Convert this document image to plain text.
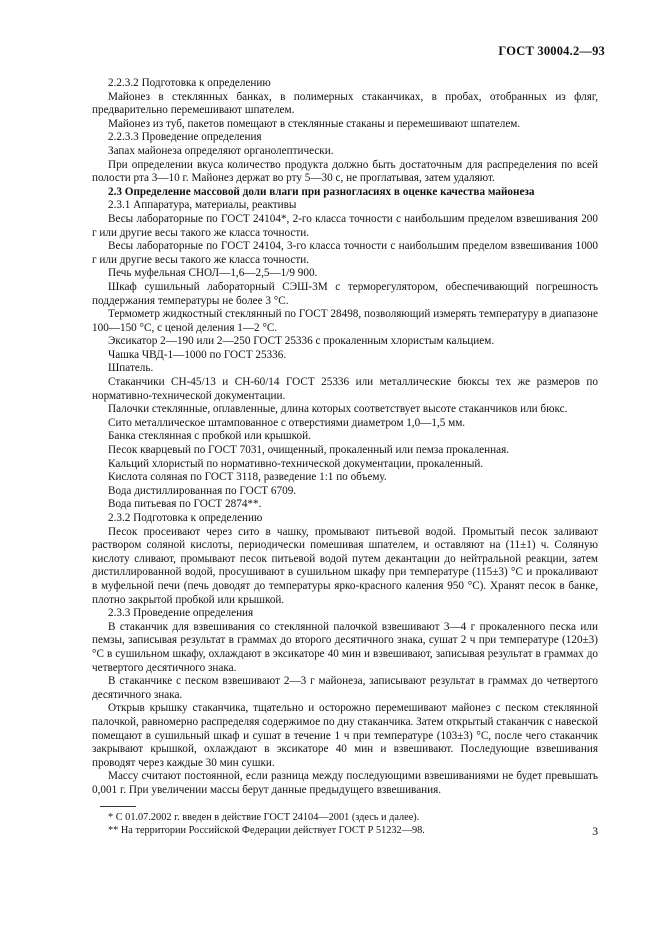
ГОСТ 30004.2—93

2.2.3.2 Подготовка к определению

Майонез в стеклянных банках, в полимерных стаканчиках, в пробах, отобранных из фляг, предварительно перемешивают шпателем.

Майонез из туб, пакетов помещают в стеклянные стаканы и перемешивают шпателем.

2.2.3.3 Проведение определения

Запах майонеза определяют органолептически.

При определении вкуса количество продукта должно быть достаточным для распределения по всей полости рта 3—10 г. Майонез держат во рту 5—30 с, не проглатывая, затем удаляют.

2.3 Определение массовой доли влаги при разногласиях в оценке качества майонеза

2.3.1 Аппаратура, материалы, реактивы

Весы лабораторные по ГОСТ 24104*, 2-го класса точности с наибольшим пределом взвешивания 200 г или другие весы такого же класса точности.

Весы лабораторные по ГОСТ 24104, 3-го класса точности с наибольшим пределом взвешивания 1000 г или другие весы такого же класса точности.

Печь муфельная СНОЛ—1,6—2,5—1/9 900.

Шкаф сушильный лабораторный СЭШ-3М с терморегулятором, обеспечивающий погрешность поддержания температуры не более 3 °С.

Термометр жидкостный стеклянный по ГОСТ 28498, позволяющий измерять температуру в диапазоне 100—150 °С, с ценой деления 1—2 °С.

Эксикатор 2—190 или 2—250 ГОСТ 25336 с прокаленным хлористым кальцием.

Чашка ЧВД-1—1000 по ГОСТ 25336.

Шпатель.

Стаканчики СН-45/13 и СН-60/14 ГОСТ 25336 или металлические бюксы тех же размеров по нормативно-технической документации.

Палочки стеклянные, оплавленные, длина которых соответствует высоте стаканчиков или бюкс.

Сито металлическое штампованное с отверстиями диаметром 1,0—1,5 мм.

Банка стеклянная с пробкой или крышкой.

Песок кварцевый по ГОСТ 7031, очищенный, прокаленный или пемза прокаленная.

Кальций хлористый по нормативно-технической документации, прокаленный.

Кислота соляная по ГОСТ 3118, разведение 1:1 по объему.

Вода дистиллированная по ГОСТ 6709.

Вода питьевая по ГОСТ 2874**.

2.3.2 Подготовка к определению

Песок просеивают через сито в чашку, промывают питьевой водой. Промытый песок заливают раствором соляной кислоты, периодически помешивая шпателем, и оставляют на (11±1) ч. Соляную кислоту сливают, промывают песок питьевой водой путем декантации до нейтральной реакции, затем дистиллированной водой, просушивают в сушильном шкафу при температуре (115±3) °С и прокаливают в муфельной печи (печь доводят до температуры ярко-красного каления 950 °С). Хранят песок в банке, плотно закрытой пробкой или крышкой.

2.3.3 Проведение определения

В стаканчик для взвешивания со стеклянной палочкой взвешивают 3—4 г прокаленного песка или пемзы, записывая результат в граммах до второго десятичного знака, сушат 2 ч при температуре (120±3) °С в сушильном шкафу, охлаждают в эксикаторе 40 мин и взвешивают, записывая результат в граммах до четвертого десятичного знака.

В стаканчике с песком взвешивают 2—3 г майонеза, записывают результат в граммах до четвертого десятичного знака.

Открыв крышку стаканчика, тщательно и осторожно перемешивают майонез с песком стеклянной палочкой, равномерно распределяя содержимое по дну стаканчика. Затем открытый стаканчик с навеской помещают в сушильный шкаф и сушат в течение 1 ч при температуре (103±3) °С, после чего стаканчик закрывают крышкой, охлаждают в эксикаторе 40 мин и взвешивают. Последующие взвешивания проводят через каждые 30 мин сушки.

Массу считают постоянной, если разница между последующими взвешиваниями не будет превышать 0,001 г. При увеличении массы берут данные предыдущего взвешивания.

* С 01.07.2002 г. введен в действие ГОСТ 24104—2001 (здесь и далее).

** На территории Российской Федерации действует ГОСТ Р 51232—98.	3
